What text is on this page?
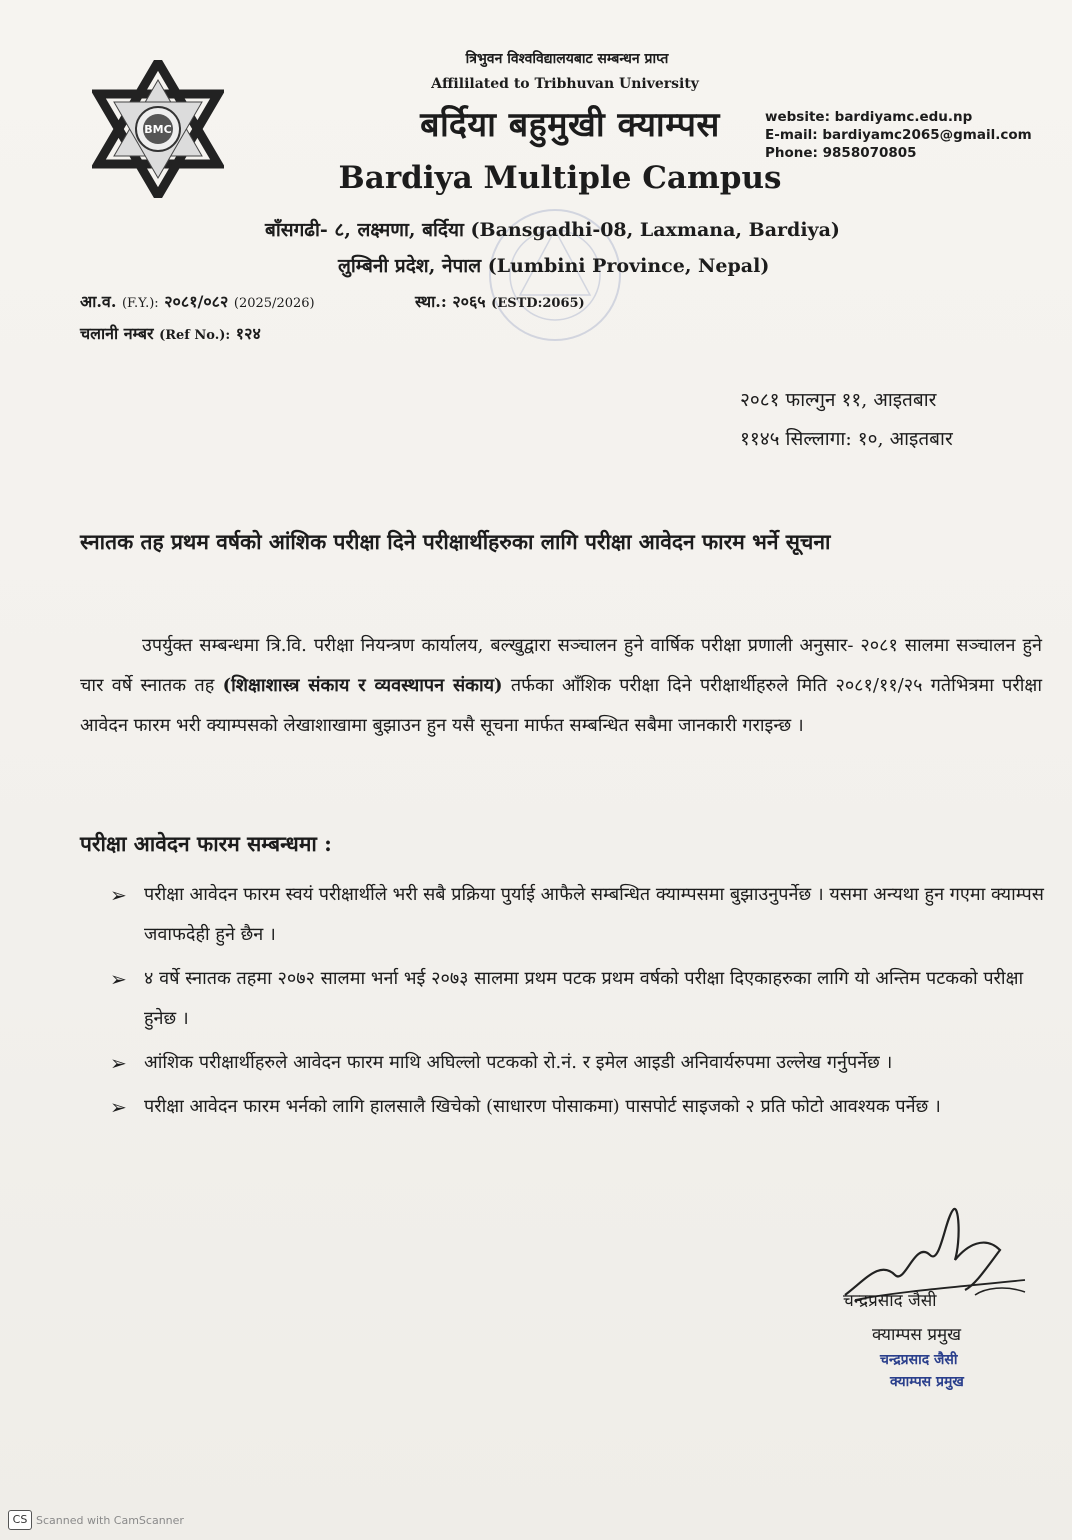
BMC
त्रिभुवन विश्वविद्यालयबाट सम्बन्धन प्राप्त
Affililated to Tribhuvan University
बर्दिया बहुमुखी क्याम्पस
Bardiya Multiple Campus
website: bardiyamc.edu.np
E-mail: bardiyamc2065@gmail.com
Phone: 9858070805
बाँसगढी- ८, लक्ष्मणा, बर्दिया (Bansgadhi-08, Laxmana, Bardiya)
लुम्बिनी प्रदेश, नेपाल (Lumbini Province, Nepal)
आ.व. (F.Y.): २०८१/०८२ (2025/2026)	स्था.: २०६५ (ESTD:2065)
चलानी नम्बर (Ref No.): १२४
२०८१ फाल्गुन ११, आइतबार
११४५ सिल्लागा: १०, आइतबार
स्नातक तह प्रथम वर्षको आंशिक परीक्षा दिने परीक्षार्थीहरुका लागि परीक्षा आवेदन फारम भर्ने सूचना
उपर्युक्त सम्बन्धमा त्रि.वि. परीक्षा नियन्त्रण कार्यालय, बल्खुद्वारा सञ्चालन हुने वार्षिक परीक्षा प्रणाली अनुसार- २०८१ सालमा सञ्चालन हुने चार वर्षे स्नातक तह (शिक्षाशास्त्र संकाय र व्यवस्थापन संकाय) तर्फका आँशिक परीक्षा दिने परीक्षार्थीहरुले मिति २०८१/११/२५ गतेभित्रमा परीक्षा आवेदन फारम भरी क्याम्पसको लेखाशाखामा बुझाउन हुन यसै सूचना मार्फत सम्बन्धित सबैमा जानकारी गराइन्छ ।
परीक्षा आवेदन फारम सम्बन्धमा :
➢ परीक्षा आवेदन फारम स्वयं परीक्षार्थीले भरी सबै प्रक्रिया पुर्याई आफैले सम्बन्धित क्याम्पसमा बुझाउनुपर्नेछ । यसमा अन्यथा हुन गएमा क्याम्पस जवाफदेही हुने छैन ।
➢ ४ वर्षे स्नातक तहमा २०७२ सालमा भर्ना भई २०७३ सालमा प्रथम पटक प्रथम वर्षको परीक्षा दिएकाहरुका लागि यो अन्तिम पटकको परीक्षा हुनेछ ।
➢ आंशिक परीक्षार्थीहरुले आवेदन फारम माथि अघिल्लो पटकको रो.नं. र इमेल आइडी अनिवार्यरुपमा उल्लेख गर्नुपर्नेछ ।
➢ परीक्षा आवेदन फारम भर्नको लागि हालसालै खिचेको (साधारण पोसाकमा) पासपोर्ट साइजको २ प्रति फोटो आवश्यक पर्नेछ ।
चन्द्रप्रसाद जैसी
क्याम्पस प्रमुख
चन्द्रप्रसाद जैसी
क्याम्पस प्रमुख
CS Scanned with CamScanner
